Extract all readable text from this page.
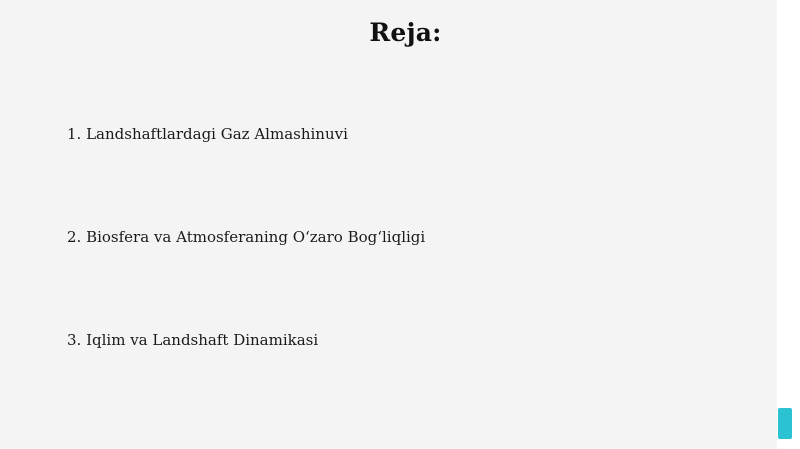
Reja:
1. Landshaftlardagi Gaz Almashinuvi
2. Biosfera va Atmosferaning O‘zaro Bog‘liqligi
3. Iqlim va Landshaft Dinamikasi
